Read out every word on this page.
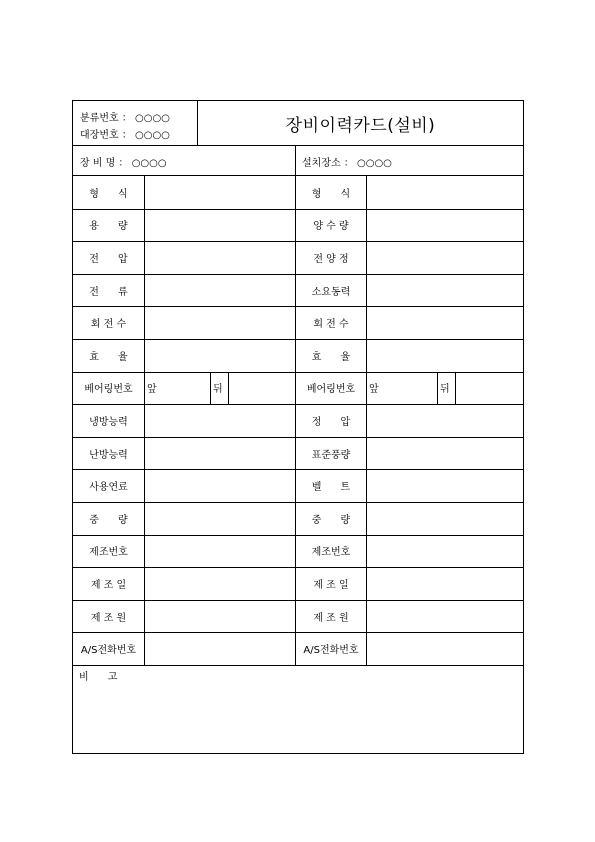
분류번호 ： ○○○○
대장번호 ： ○○○○	장비이력카드(설비)
장 비 명 ： ○○○○	설치장소 ： ○○○○
형      식	형      식
용      량	양 수 량
전      압	전 양 정
전      류	소요동력
회 전 수	회 전 수
효      율	효      율
베어링번호	앞	뒤	베어링번호	앞	뒤
냉방능력	정      압
난방능력	표준풍량
사용연료	벨      트
중      량	중      량
제조번호	제조번호
제 조 일	제 조 일
제 조 원	제 조 원
A/S전화번호	A/S전화번호
비      고
